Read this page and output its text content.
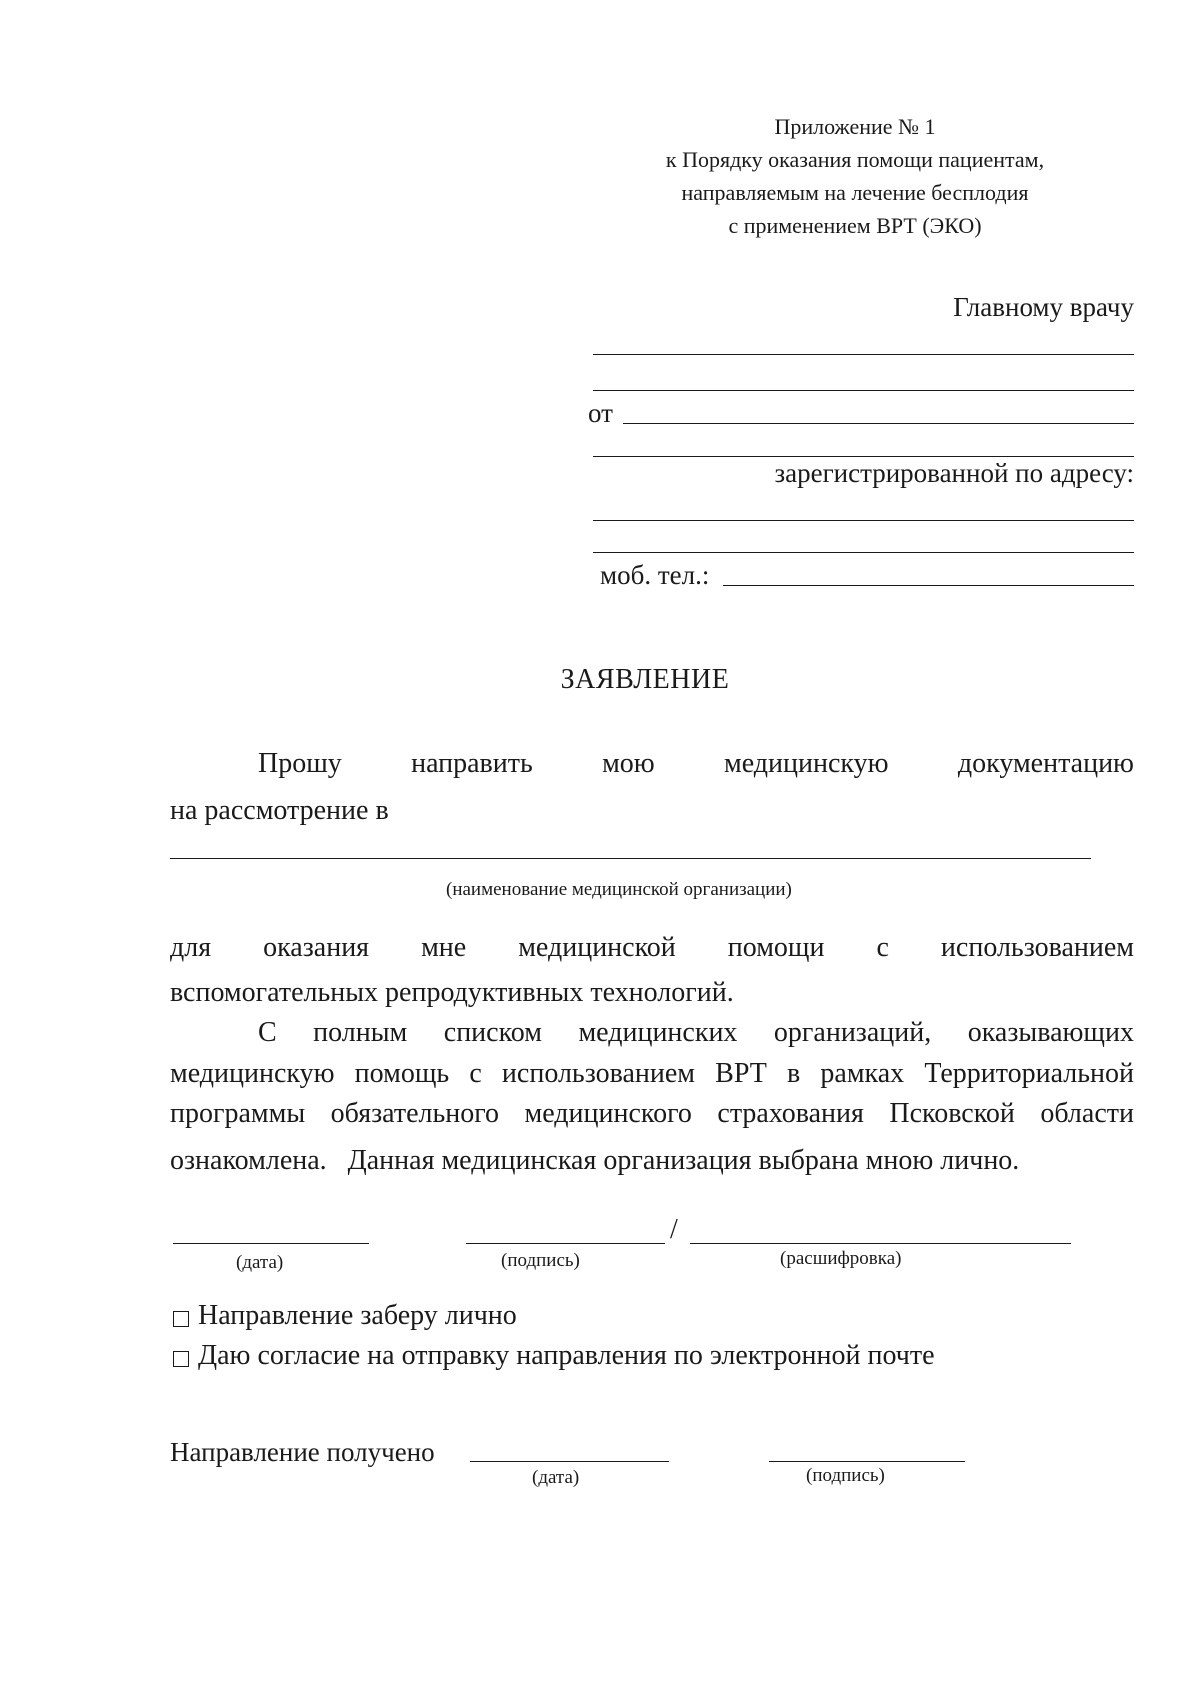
Приложение № 1
к Порядку оказания помощи пациентам,
направляемым на лечение бесплодия
с применением ВРТ (ЭКО)
Главному врачу
от
зарегистрированной по адресу:
моб. тел.:
ЗАЯВЛЕНИЕ
Прошу направить мою медицинскую документацию
на рассмотрение в
(наименование медицинской организации)
для оказания мне медицинской помощи с использованием
вспомогательных репродуктивных технологий.
С полным списком медицинских организаций, оказывающих
медицинскую помощь с использованием ВРТ в рамках Территориальной
программы обязательного медицинского страхования Псковской области
ознакомлена.   Данная медицинская организация выбрана мною лично.
/
(дата)	(подпись)	(расшифровка)
Направление заберу лично
Даю согласие на отправку направления по электронной почте
Направление получено
(дата)	(подпись)
